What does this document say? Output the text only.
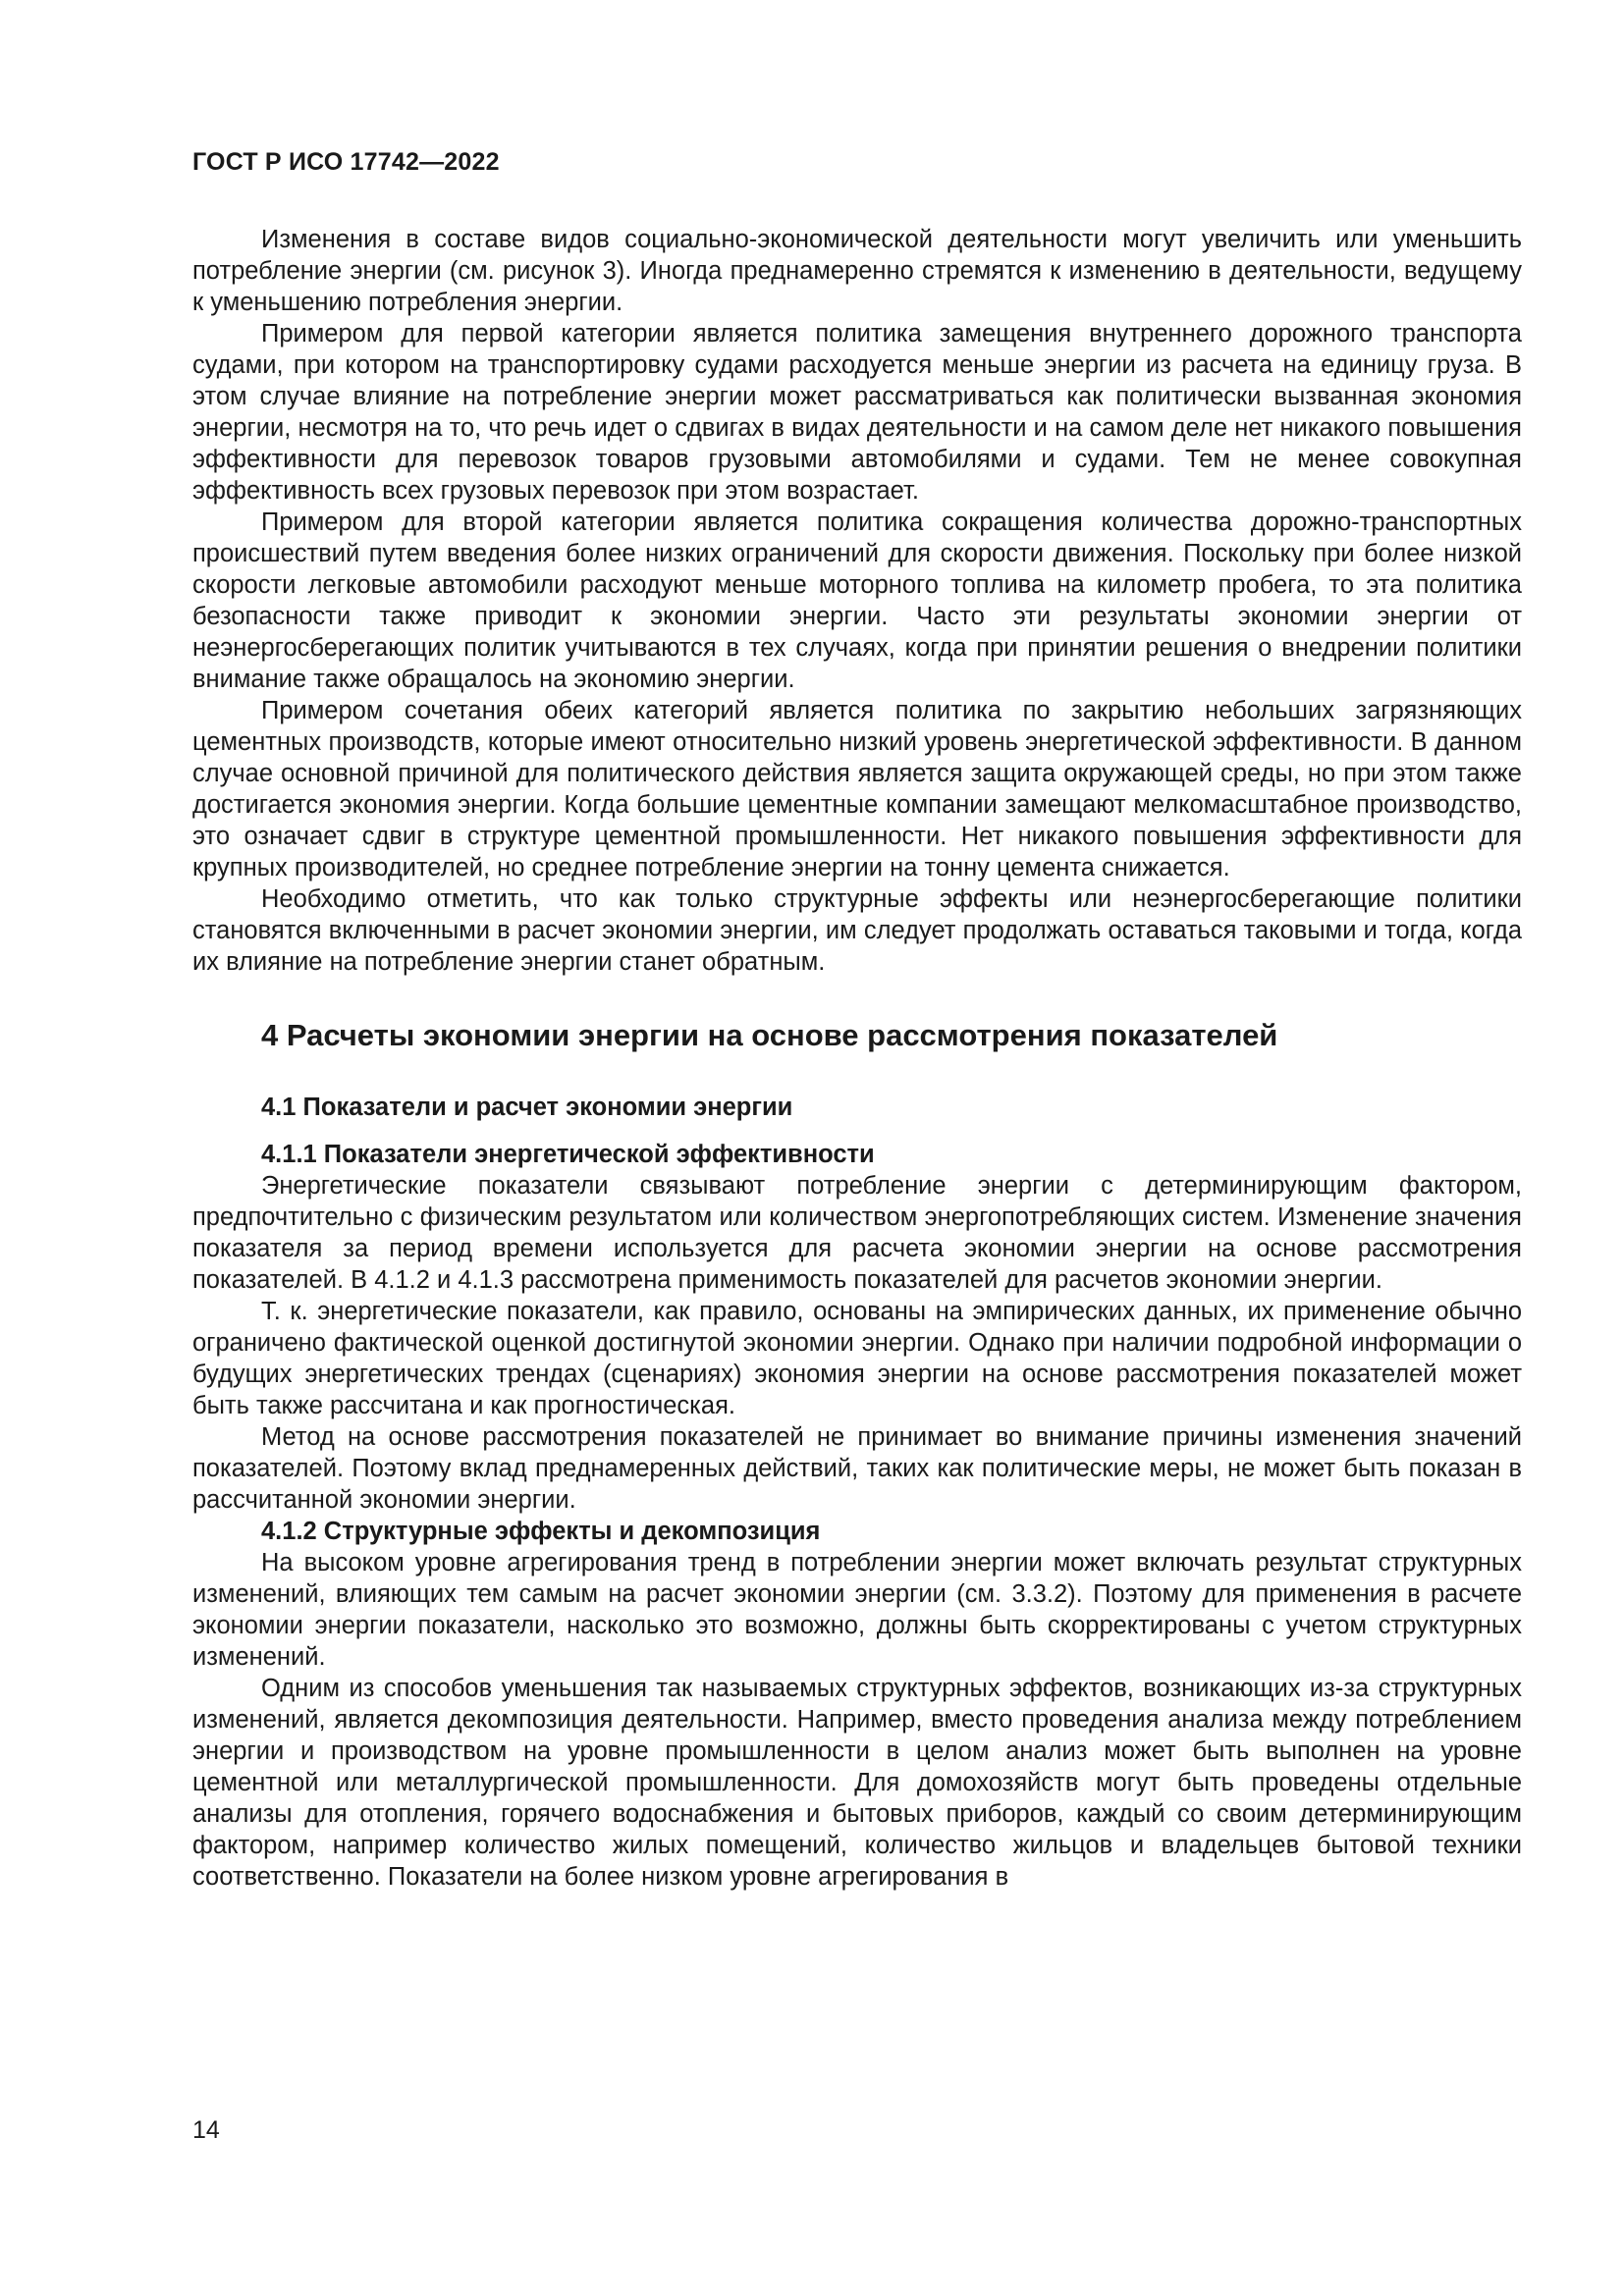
ГОСТ Р ИСО 17742—2022

Изменения в составе видов социально-экономической деятельности могут увеличить или уменьшить потребление энергии (см. рисунок 3). Иногда преднамеренно стремятся к изменению в деятельности, ведущему к уменьшению потребления энергии.

Примером для первой категории является политика замещения внутреннего дорожного транспорта судами, при котором на транспортировку судами расходуется меньше энергии из расчета на единицу груза. В этом случае влияние на потребление энергии может рассматриваться как политически вызванная экономия энергии, несмотря на то, что речь идет о сдвигах в видах деятельности и на самом деле нет никакого повышения эффективности для перевозок товаров грузовыми автомобилями и судами. Тем не менее совокупная эффективность всех грузовых перевозок при этом возрастает.

Примером для второй категории является политика сокращения количества дорожно-транспортных происшествий путем введения более низких ограничений для скорости движения. Поскольку при более низкой скорости легковые автомобили расходуют меньше моторного топлива на километр пробега, то эта политика безопасности также приводит к экономии энергии. Часто эти результаты экономии энергии от неэнергосберегающих политик учитываются в тех случаях, когда при принятии решения о внедрении политики внимание также обращалось на экономию энергии.

Примером сочетания обеих категорий является политика по закрытию небольших загрязняющих цементных производств, которые имеют относительно низкий уровень энергетической эффективности. В данном случае основной причиной для политического действия является защита окружающей среды, но при этом также достигается экономия энергии. Когда большие цементные компании замещают мелкомасштабное производство, это означает сдвиг в структуре цементной промышленности. Нет никакого повышения эффективности для крупных производителей, но среднее потребление энергии на тонну цемента снижается.

Необходимо отметить, что как только структурные эффекты или неэнергосберегающие политики становятся включенными в расчет экономии энергии, им следует продолжать оставаться таковыми и тогда, когда их влияние на потребление энергии станет обратным.

4 Расчеты экономии энергии на основе рассмотрения показателей
4.1 Показатели и расчет экономии энергии
4.1.1 Показатели энергетической эффективности

Энергетические показатели связывают потребление энергии с детерминирующим фактором, предпочтительно с физическим результатом или количеством энергопотребляющих систем. Изменение значения показателя за период времени используется для расчета экономии энергии на основе рассмотрения показателей. В 4.1.2 и 4.1.3 рассмотрена применимость показателей для расчетов экономии энергии.

Т. к. энергетические показатели, как правило, основаны на эмпирических данных, их применение обычно ограничено фактической оценкой достигнутой экономии энергии. Однако при наличии подробной информации о будущих энергетических трендах (сценариях) экономия энергии на основе рассмотрения показателей может быть также рассчитана и как прогностическая.

Метод на основе рассмотрения показателей не принимает во внимание причины изменения значений показателей. Поэтому вклад преднамеренных действий, таких как политические меры, не может быть показан в рассчитанной экономии энергии.

4.1.2 Структурные эффекты и декомпозиция

На высоком уровне агрегирования тренд в потреблении энергии может включать результат структурных изменений, влияющих тем самым на расчет экономии энергии (см. 3.3.2). Поэтому для применения в расчете экономии энергии показатели, насколько это возможно, должны быть скорректированы с учетом структурных изменений.

Одним из способов уменьшения так называемых структурных эффектов, возникающих из-за структурных изменений, является декомпозиция деятельности. Например, вместо проведения анализа между потреблением энергии и производством на уровне промышленности в целом анализ может быть выполнен на уровне цементной или металлургической промышленности. Для домохозяйств могут быть проведены отдельные анализы для отопления, горячего водоснабжения и бытовых приборов, каждый со своим детерминирующим фактором, например количество жилых помещений, количество жильцов и владельцев бытовой техники соответственно. Показатели на более низком уровне агрегирования в

14
